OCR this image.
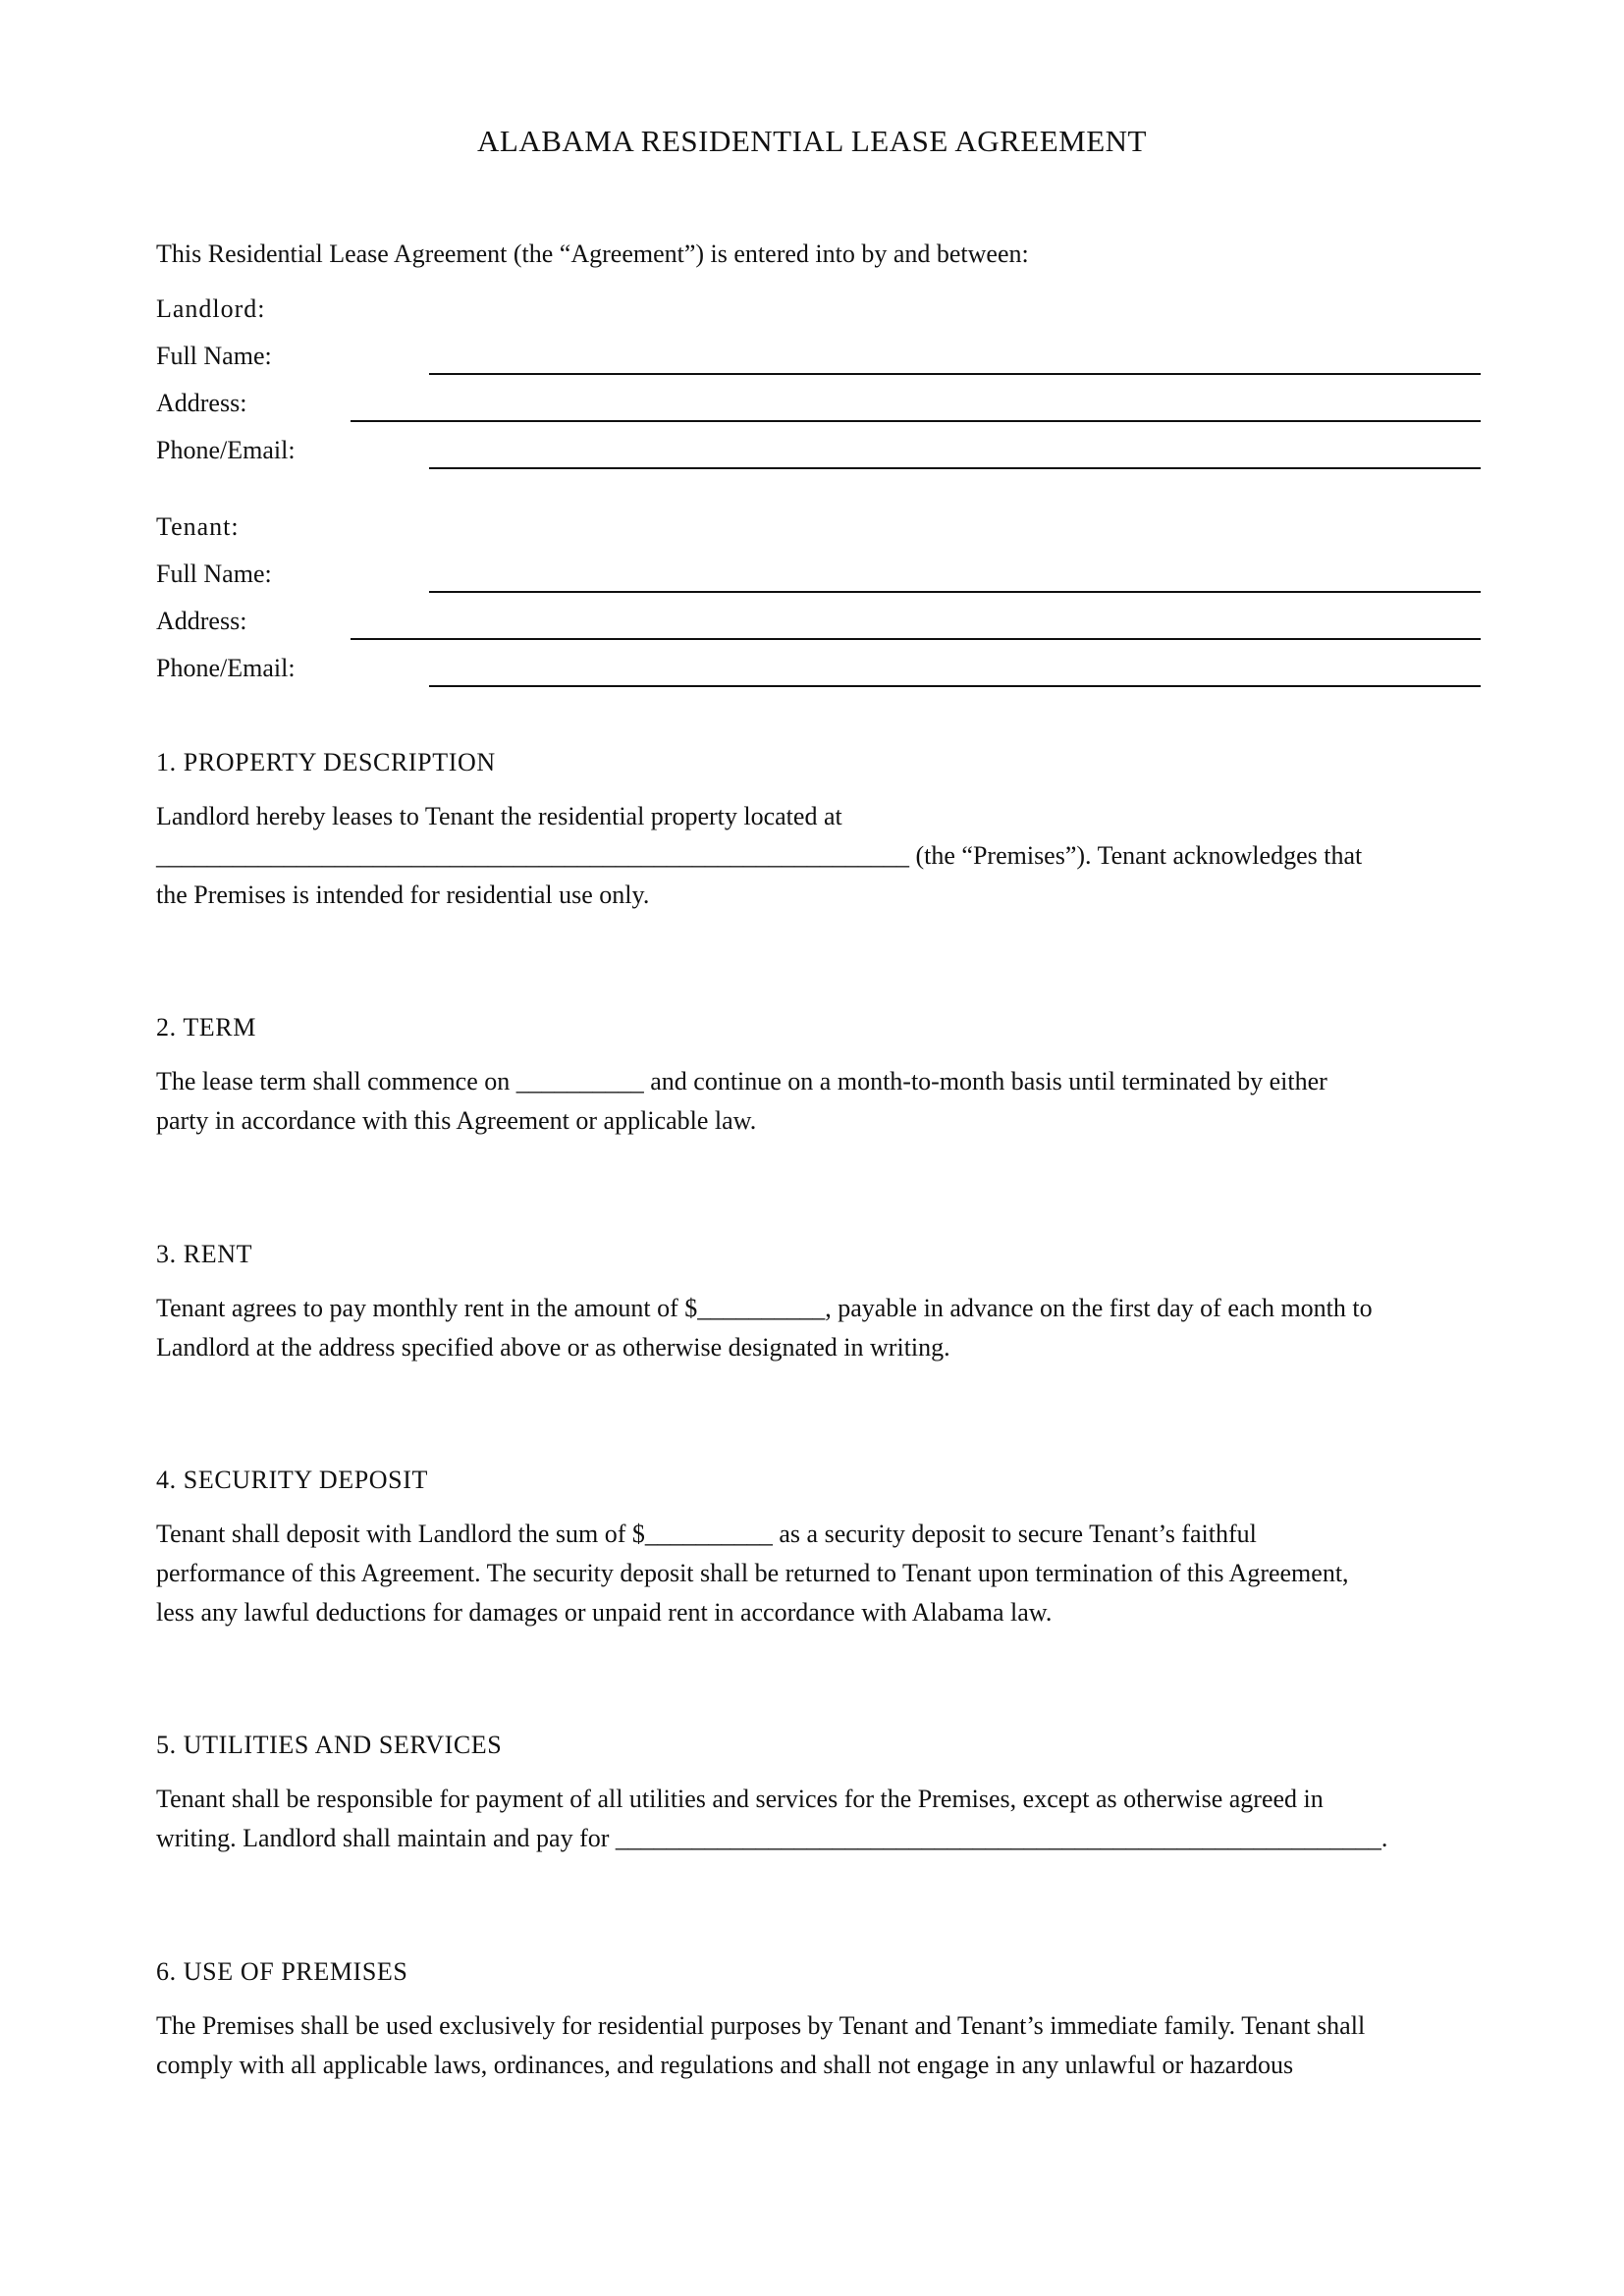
ALABAMA RESIDENTIAL LEASE AGREEMENT
This Residential Lease Agreement (the “Agreement”) is entered into by and between:
Landlord:
Full Name:
Address:
Phone/Email:
Tenant:
Full Name:
Address:
Phone/Email:
1. PROPERTY DESCRIPTION
Landlord hereby leases to Tenant the residential property located at
___________________________________________________________ (the “Premises”). Tenant acknowledges that
the Premises is intended for residential use only.
2. TERM
The lease term shall commence on __________ and continue on a month-to-month basis until terminated by either
party in accordance with this Agreement or applicable law.
3. RENT
Tenant agrees to pay monthly rent in the amount of $__________, payable in advance on the first day of each month to
Landlord at the address specified above or as otherwise designated in writing.
4. SECURITY DEPOSIT
Tenant shall deposit with Landlord the sum of $__________ as a security deposit to secure Tenant’s faithful
performance of this Agreement. The security deposit shall be returned to Tenant upon termination of this Agreement,
less any lawful deductions for damages or unpaid rent in accordance with Alabama law.
5. UTILITIES AND SERVICES
Tenant shall be responsible for payment of all utilities and services for the Premises, except as otherwise agreed in
writing. Landlord shall maintain and pay for ____________________________________________________________.
6. USE OF PREMISES
The Premises shall be used exclusively for residential purposes by Tenant and Tenant’s immediate family. Tenant shall
comply with all applicable laws, ordinances, and regulations and shall not engage in any unlawful or hazardous
